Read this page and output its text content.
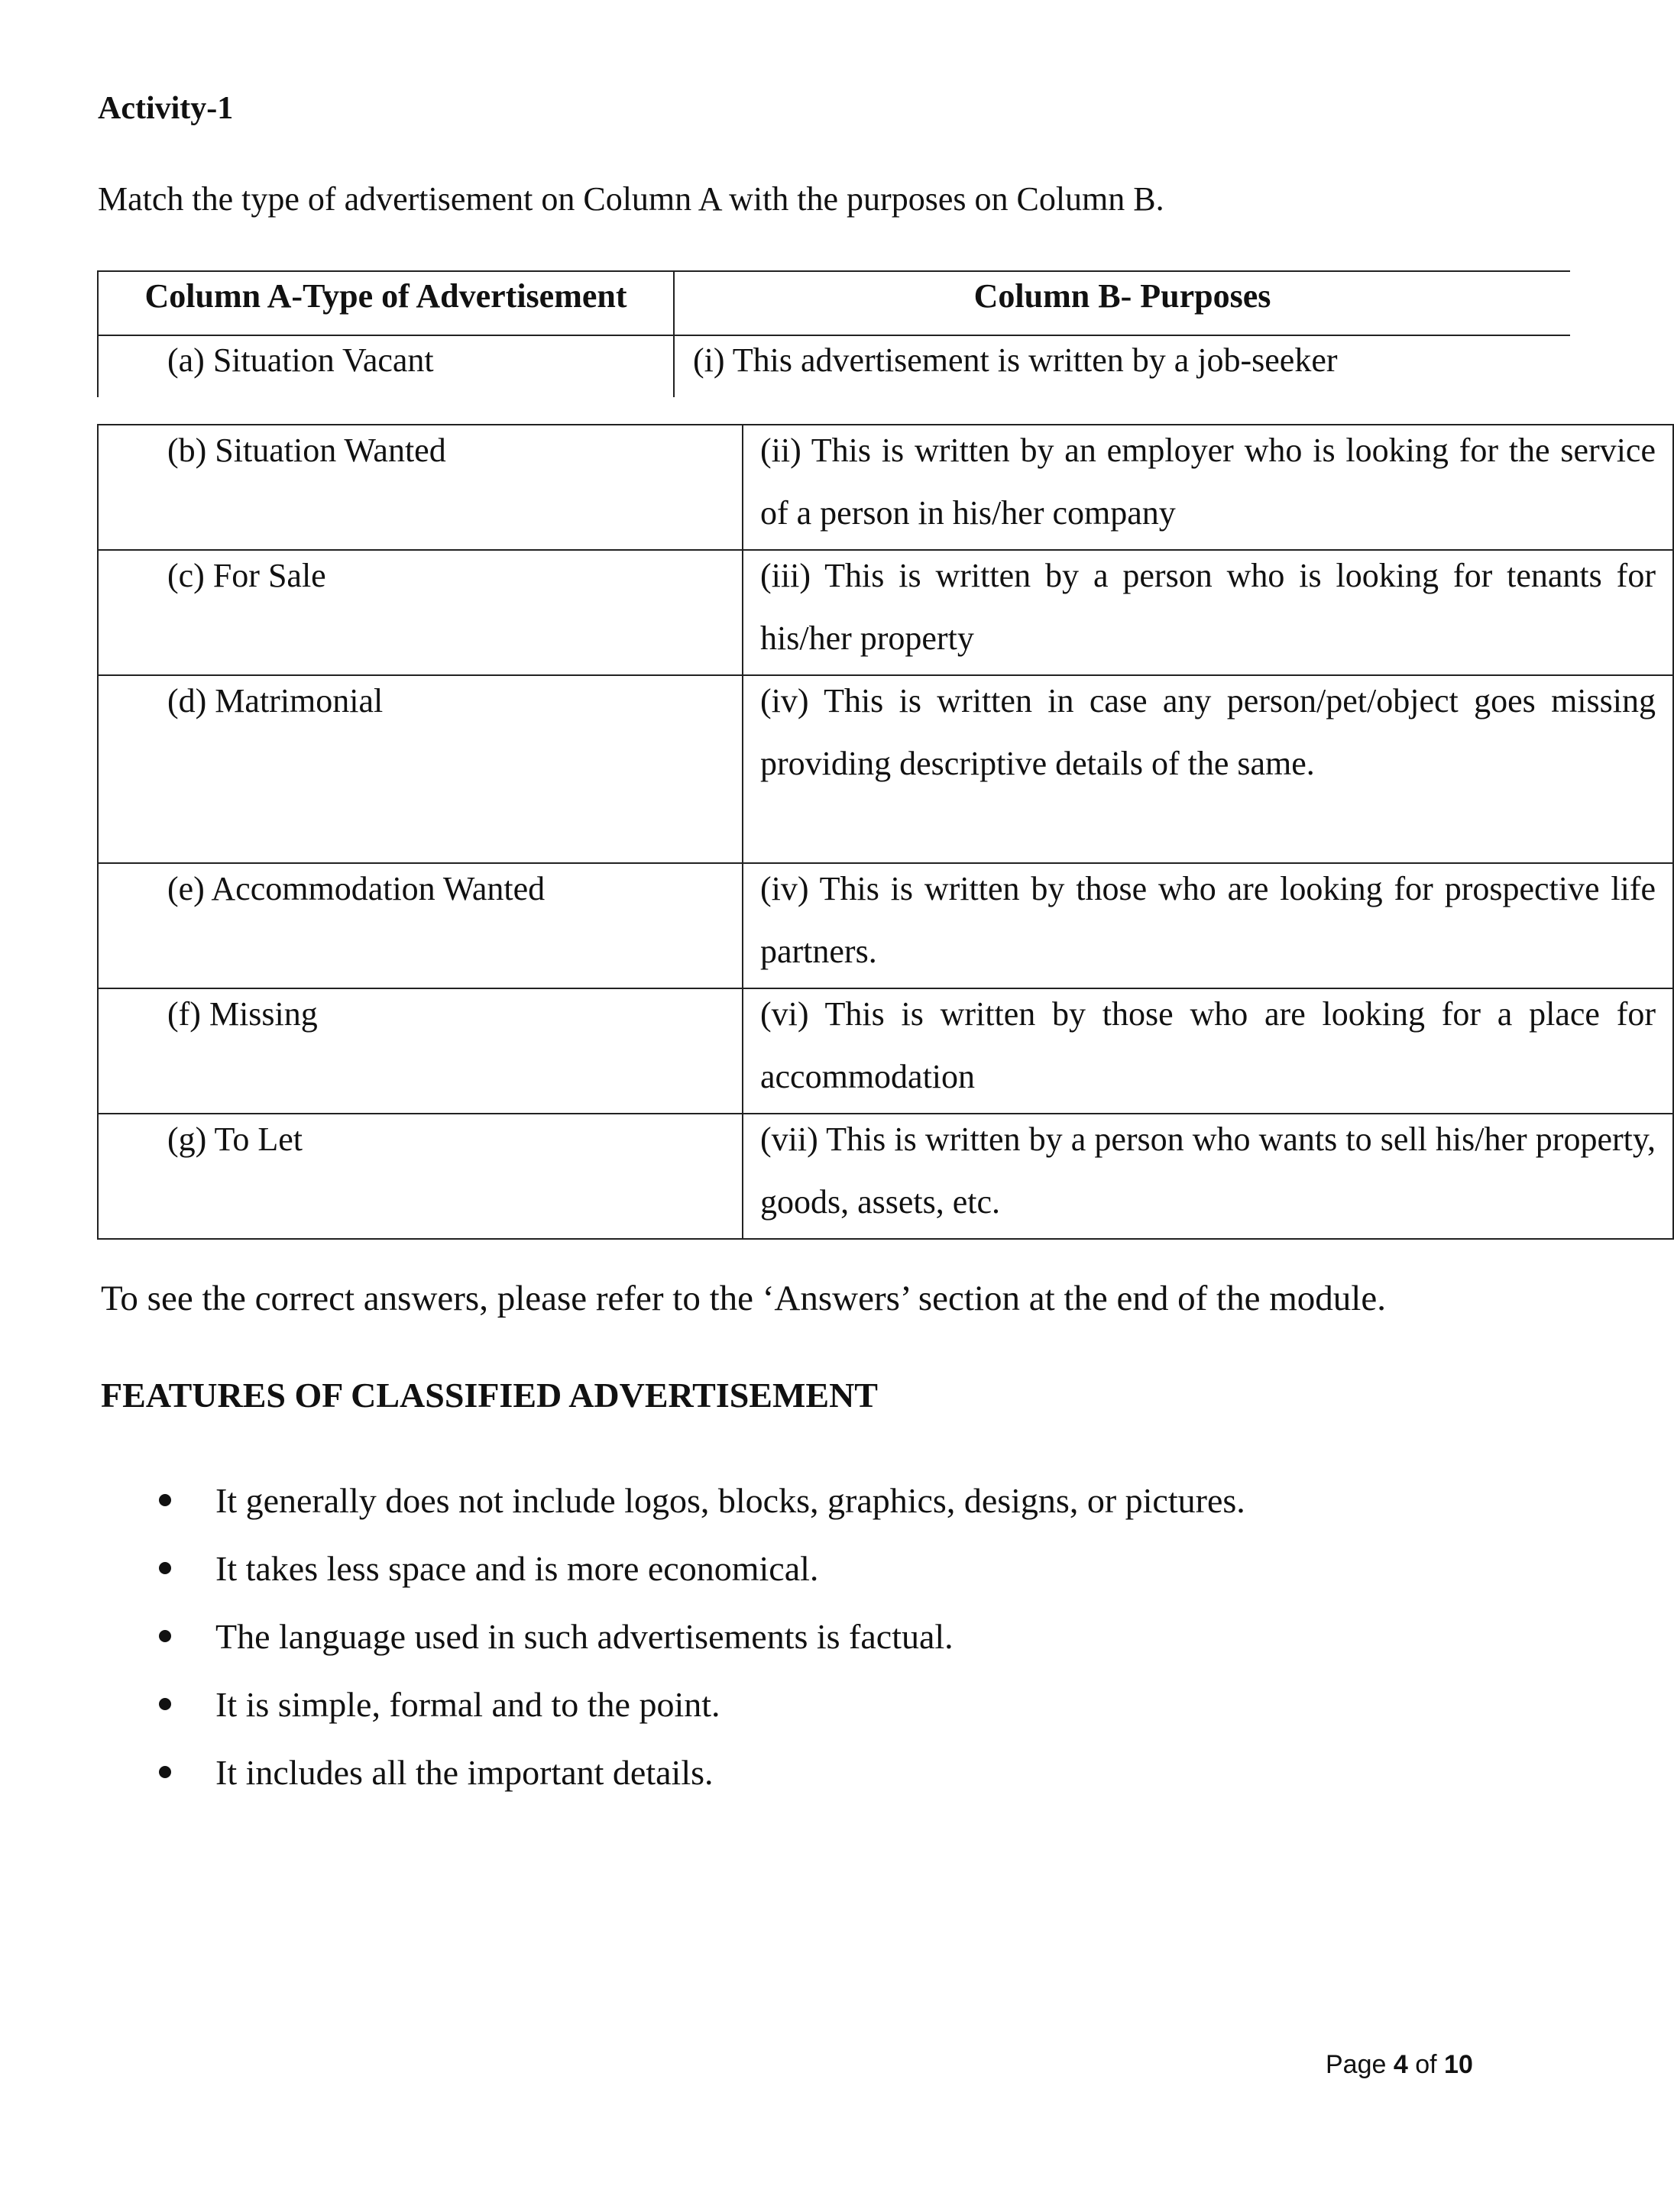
Activity-1
Match the type of advertisement on Column A with the purposes on Column B.
Column A-Type of Advertisement	Column B- Purposes
(a) Situation Vacant	(i) This advertisement is written by a job-seeker
(b) Situation Wanted	(ii) This is written by an employer who is looking for the service of a person in his/her company

(c) For Sale	(iii) This is written by a person who is looking for tenants for his/her property

(d) Matrimonial	(iv) This is written in case any person/pet/object goes missing providing descriptive details of the same.

(e) Accommodation Wanted	(iv) This is written by those who are looking for prospective life partners.

(f) Missing	(vi) This is written by those who are looking for a place for accommodation

(g) To Let	(vii) This is written by a person who wants to sell his/her property, goods, assets, etc.
To see the correct answers, please refer to the ‘Answers’ section at the end of the module.
FEATURES OF CLASSIFIED ADVERTISEMENT
It generally does not include logos, blocks, graphics, designs, or pictures.
It takes less space and is more economical.
The language used in such advertisements is factual.
It is simple, formal and to the point.
It includes all the important details.
Page 4 of 10
